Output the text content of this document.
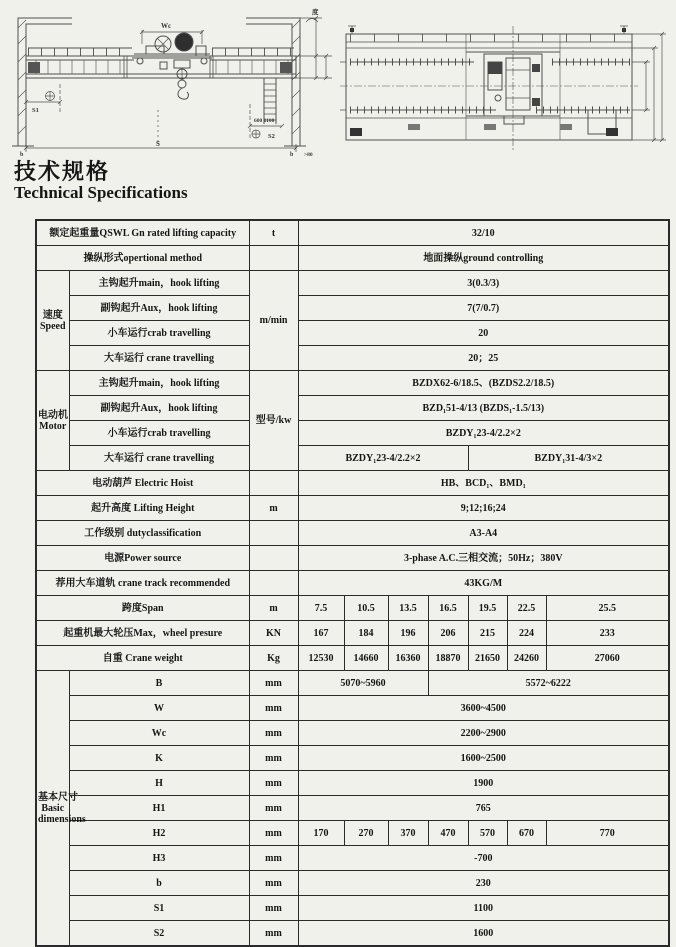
Wc
度
S1
600 1100
S2
S
b	b >80
技术规格
Technical Specifications
额定起重量QSWL Gn rated lifting capacity		t	32/10						
操纵形式opertional method			地面操纵ground controlling						
速度
Speed	主钩起升main，hook lifting	m/min	3(0.3/3)						
	副钩起升Aux，hook lifting		7(7/0.7)						
	小车运行crab travelling		20						
	大车运行 crane travelling		20；25						
电动机
Motor	主钩起升main，hook lifting	型号/kw	BZDX62-6/18.5、(BZDS2.2/18.5)						
	副钩起升Aux，hook lifting		BZD₁51-4/13 (BZDS₁-1.5/13)						
	小车运行crab travelling		BZDY₁23-4/2.2×2						
	大车运行 crane travelling		BZDY₁23-4/2.2×2				BZDY₁31-4/3×2		
电动葫芦 Electric Hoist			HB、BCD₁、BMD₁						
起升高度 Lifting Height		m	9;12;16;24						
工作级别 dutyclassification			A3-A4						
电源Power source			3-phase A.C.三相交流；50Hz；380V						
荐用大车道轨 crane track recommended			43KG/M						
跨度Span		m	7.5	10.5	13.5	16.5	19.5	22.5	25.5
起重机最大轮压Max，wheel presure		KN	167	184	196	206	215	224	233
自重 Crane weight		Kg	12530	14660	16360	18870	21650	24260	27060
基本尺寸
Basic
dimensions	B	mm	5070~5960			5572~6222			
	W	mm	3600~4500						
	Wc	mm	2200~2900						
	K	mm	1600~2500						
	H	mm	1900						
	H1	mm	765						
	H2	mm	170	270	370	470	570	670	770
	H3	mm	-700						
	b	mm	230						
	S1	mm	1100						
	S2	mm	1600						
